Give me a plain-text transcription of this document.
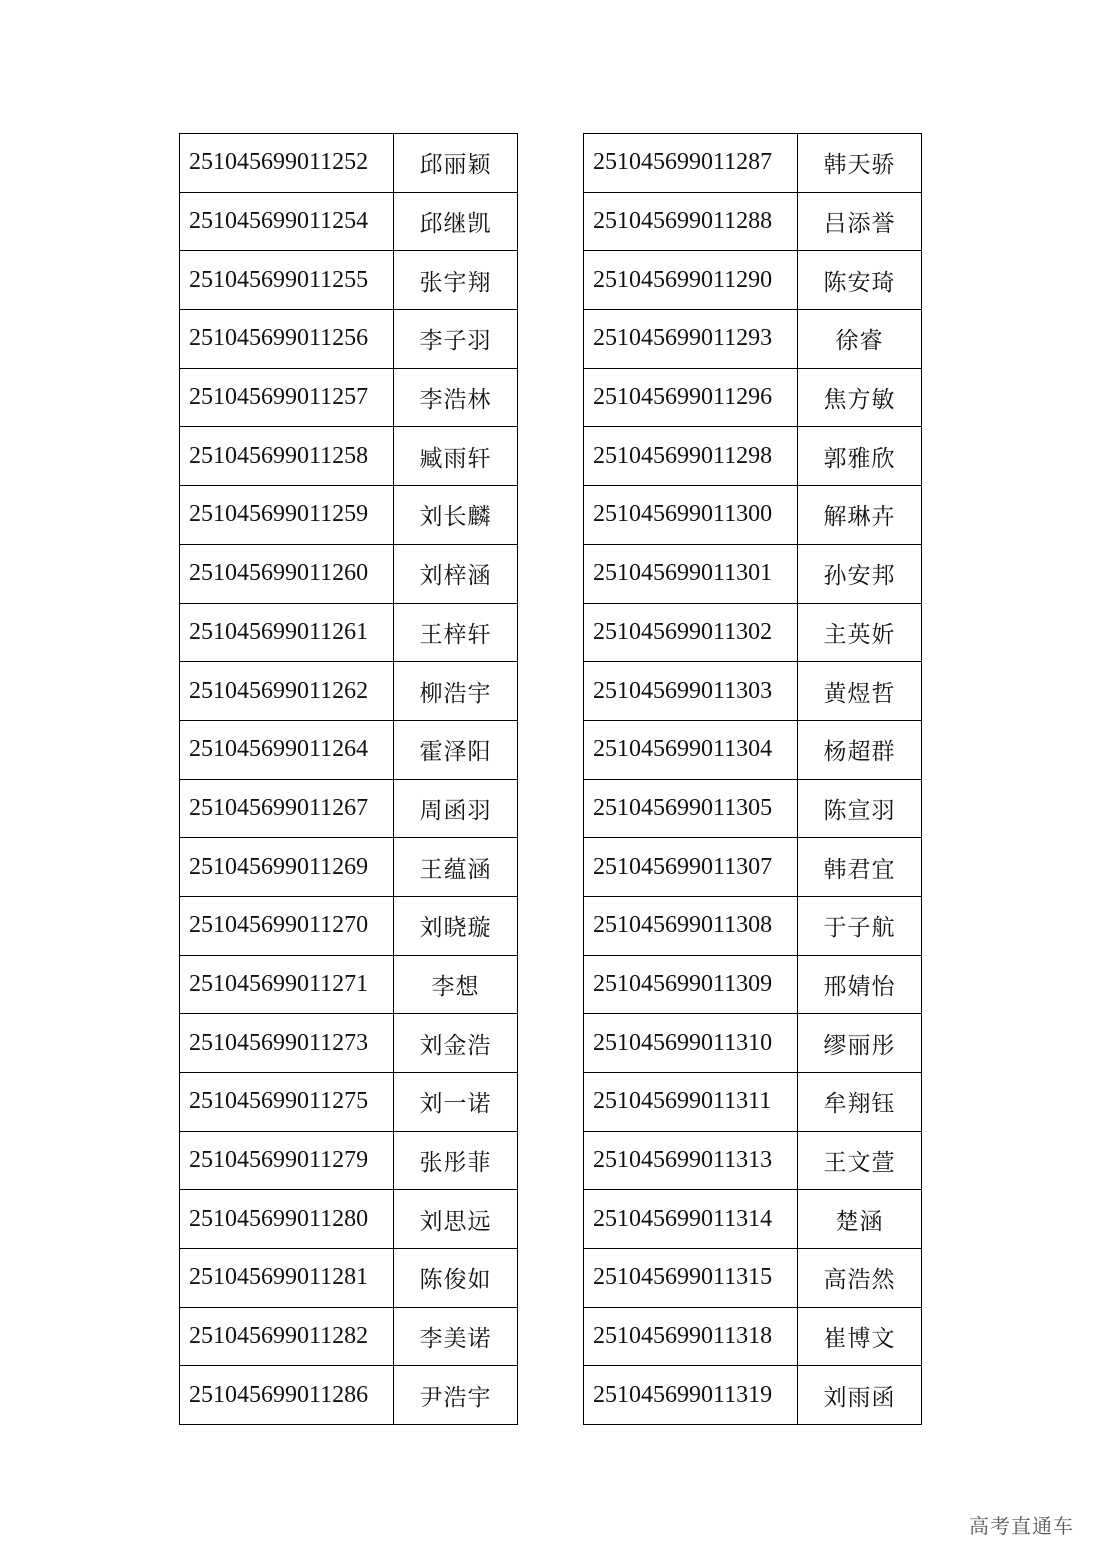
251045699011252	邱丽颖
251045699011254	邱继凯
251045699011255	张宇翔
251045699011256	李子羽
251045699011257	李浩林
251045699011258	臧雨轩
251045699011259	刘长麟
251045699011260	刘梓涵
251045699011261	王梓轩
251045699011262	柳浩宇
251045699011264	霍泽阳
251045699011267	周函羽
251045699011269	王蕴涵
251045699011270	刘晓璇
251045699011271	李想
251045699011273	刘金浩
251045699011275	刘一诺
251045699011279	张彤菲
251045699011280	刘思远
251045699011281	陈俊如
251045699011282	李美诺
251045699011286	尹浩宇
251045699011287	韩天骄
251045699011288	吕添誉
251045699011290	陈安琦
251045699011293	徐睿
251045699011296	焦方敏
251045699011298	郭雅欣
251045699011300	解琳卉
251045699011301	孙安邦
251045699011302	主英妡
251045699011303	黄煜哲
251045699011304	杨超群
251045699011305	陈宣羽
251045699011307	韩君宜
251045699011308	于子航
251045699011309	邢婧怡
251045699011310	缪丽彤
251045699011311	牟翔钰
251045699011313	王文萱
251045699011314	楚涵
251045699011315	高浩然
251045699011318	崔博文
251045699011319	刘雨函
高考直通车
